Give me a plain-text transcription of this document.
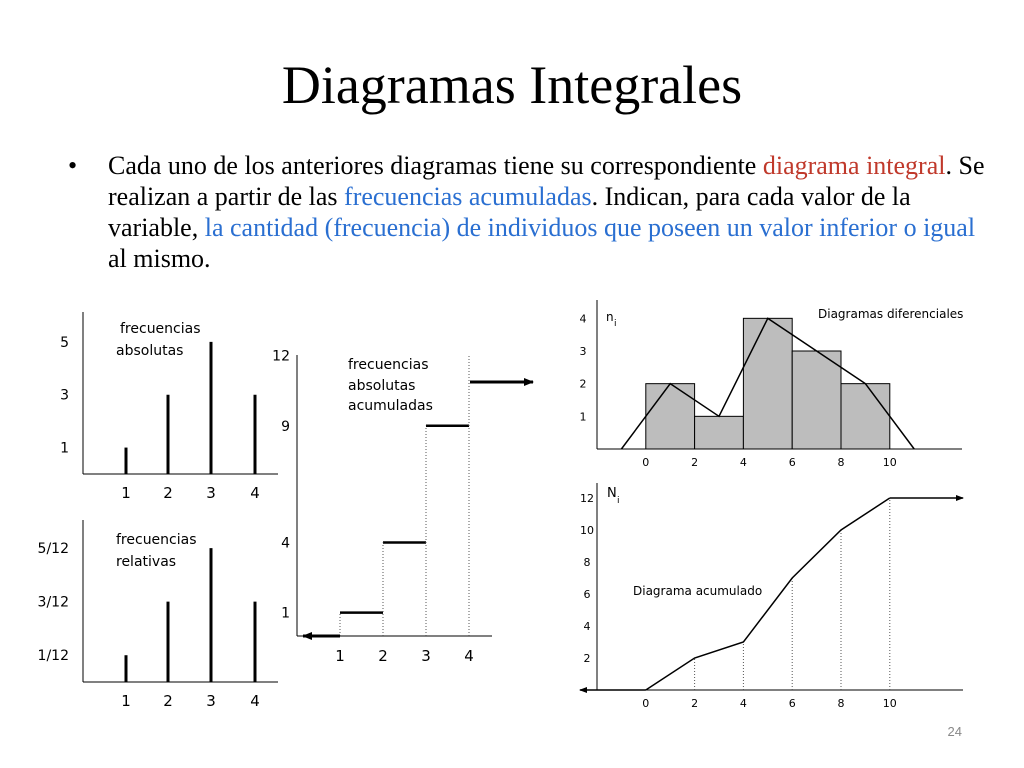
Diagramas Integrales
• Cada uno de los anteriores diagramas tiene su correspondiente diagrama integral. Se realizan a partir de las frecuencias acumuladas. Indican, para cada valor de la variable, la cantidad (frecuencia) de individuos que poseen un valor inferior o igual al mismo.
frecuencias
absolutas
1
3
5
1 2 3 4
frecuencias
relativas
1/12
3/12
5/12
1 2 3 4
frecuencias
absolutas
acumuladas
1
4
9
12
1 2 3 4
n i
Diagramas diferenciales
1
2
3
4
0	2	4	6	8	10
N i
Diagrama acumulado
2
4
6
8
10
12
0	2	4	6	8	10
24
